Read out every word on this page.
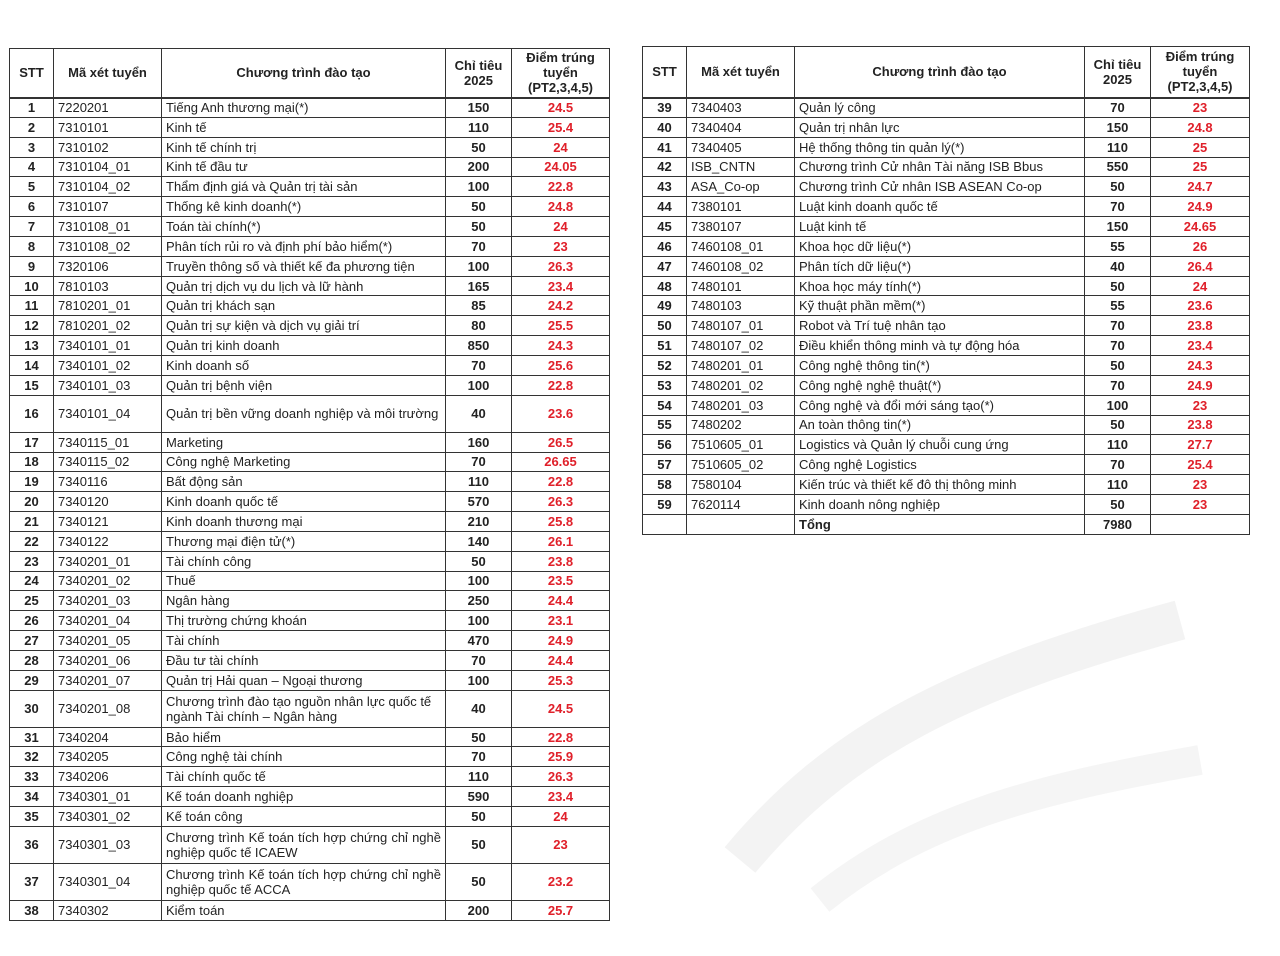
STT	Mã xét tuyển	Chương trình đào tạo	Chỉ tiêu 2025	Điểm trúng tuyển (PT2,3,4,5)
1	7220201	Tiếng Anh thương mại(*)	150	24.5
2	7310101	Kinh tế	110	25.4
3	7310102	Kinh tế chính trị	50	24
4	7310104_01	Kinh tế đầu tư	200	24.05
5	7310104_02	Thẩm định giá và Quản trị tài sản	100	22.8
6	7310107	Thống kê kinh doanh(*)	50	24.8
7	7310108_01	Toán tài chính(*)	50	24
8	7310108_02	Phân tích rủi ro và định phí bảo hiểm(*)	70	23
9	7320106	Truyền thông số và thiết kế đa phương tiện	100	26.3
10	7810103	Quản trị dịch vụ du lịch và lữ hành	165	23.4
11	7810201_01	Quản trị khách sạn	85	24.2
12	7810201_02	Quản trị sự kiện và dịch vụ giải trí	80	25.5
13	7340101_01	Quản trị kinh doanh	850	24.3
14	7340101_02	Kinh doanh số	70	25.6
15	7340101_03	Quản trị bệnh viện	100	22.8
16	7340101_04	Quản trị bền vững doanh nghiệp và môi trường	40	23.6
17	7340115_01	Marketing	160	26.5
18	7340115_02	Công nghệ Marketing	70	26.65
19	7340116	Bất động sản	110	22.8
20	7340120	Kinh doanh quốc tế	570	26.3
21	7340121	Kinh doanh thương mại	210	25.8
22	7340122	Thương mại điện tử(*)	140	26.1
23	7340201_01	Tài chính công	50	23.8
24	7340201_02	Thuế	100	23.5
25	7340201_03	Ngân hàng	250	24.4
26	7340201_04	Thị trường chứng khoán	100	23.1
27	7340201_05	Tài chính	470	24.9
28	7340201_06	Đầu tư tài chính	70	24.4
29	7340201_07	Quản trị Hải quan – Ngoại thương	100	25.3
30	7340201_08	Chương trình đào tạo nguồn nhân lực quốc tế ngành Tài chính – Ngân hàng	40	24.5
31	7340204	Bảo hiểm	50	22.8
32	7340205	Công nghệ tài chính	70	25.9
33	7340206	Tài chính quốc tế	110	26.3
34	7340301_01	Kế toán doanh nghiệp	590	23.4
35	7340301_02	Kế toán công	50	24
36	7340301_03	Chương trình Kế toán tích hợp chứng chỉ nghề nghiệp quốc tế ICAEW	50	23
37	7340301_04	Chương trình Kế toán tích hợp chứng chỉ nghề nghiệp quốc tế ACCA	50	23.2
38	7340302	Kiểm toán	200	25.7
STT	Mã xét tuyển	Chương trình đào tạo	Chỉ tiêu 2025	Điểm trúng tuyển (PT2,3,4,5)
39	7340403	Quản lý công	70	23
40	7340404	Quản trị nhân lực	150	24.8
41	7340405	Hệ thống thông tin quản lý(*)	110	25
42	ISB_CNTN	Chương trình Cử nhân Tài năng ISB Bbus	550	25
43	ASA_Co-op	Chương trình Cử nhân ISB ASEAN Co-op	50	24.7
44	7380101	Luật kinh doanh quốc tế	70	24.9
45	7380107	Luật kinh tế	150	24.65
46	7460108_01	Khoa học dữ liệu(*)	55	26
47	7460108_02	Phân tích dữ liệu(*)	40	26.4
48	7480101	Khoa học máy tính(*)	50	24
49	7480103	Kỹ thuật phần mềm(*)	55	23.6
50	7480107_01	Robot và Trí tuệ nhân tạo	70	23.8
51	7480107_02	Điều khiển thông minh và tự động hóa	70	23.4
52	7480201_01	Công nghệ thông tin(*)	50	24.3
53	7480201_02	Công nghệ nghệ thuật(*)	70	24.9
54	7480201_03	Công nghệ và đổi mới sáng tạo(*)	100	23
55	7480202	An toàn thông tin(*)	50	23.8
56	7510605_01	Logistics và Quản lý chuỗi cung ứng	110	27.7
57	7510605_02	Công nghệ Logistics	70	25.4
58	7580104	Kiến trúc và thiết kế đô thị thông minh	110	23
59	7620114	Kinh doanh nông nghiệp	50	23
		Tổng	7980	
